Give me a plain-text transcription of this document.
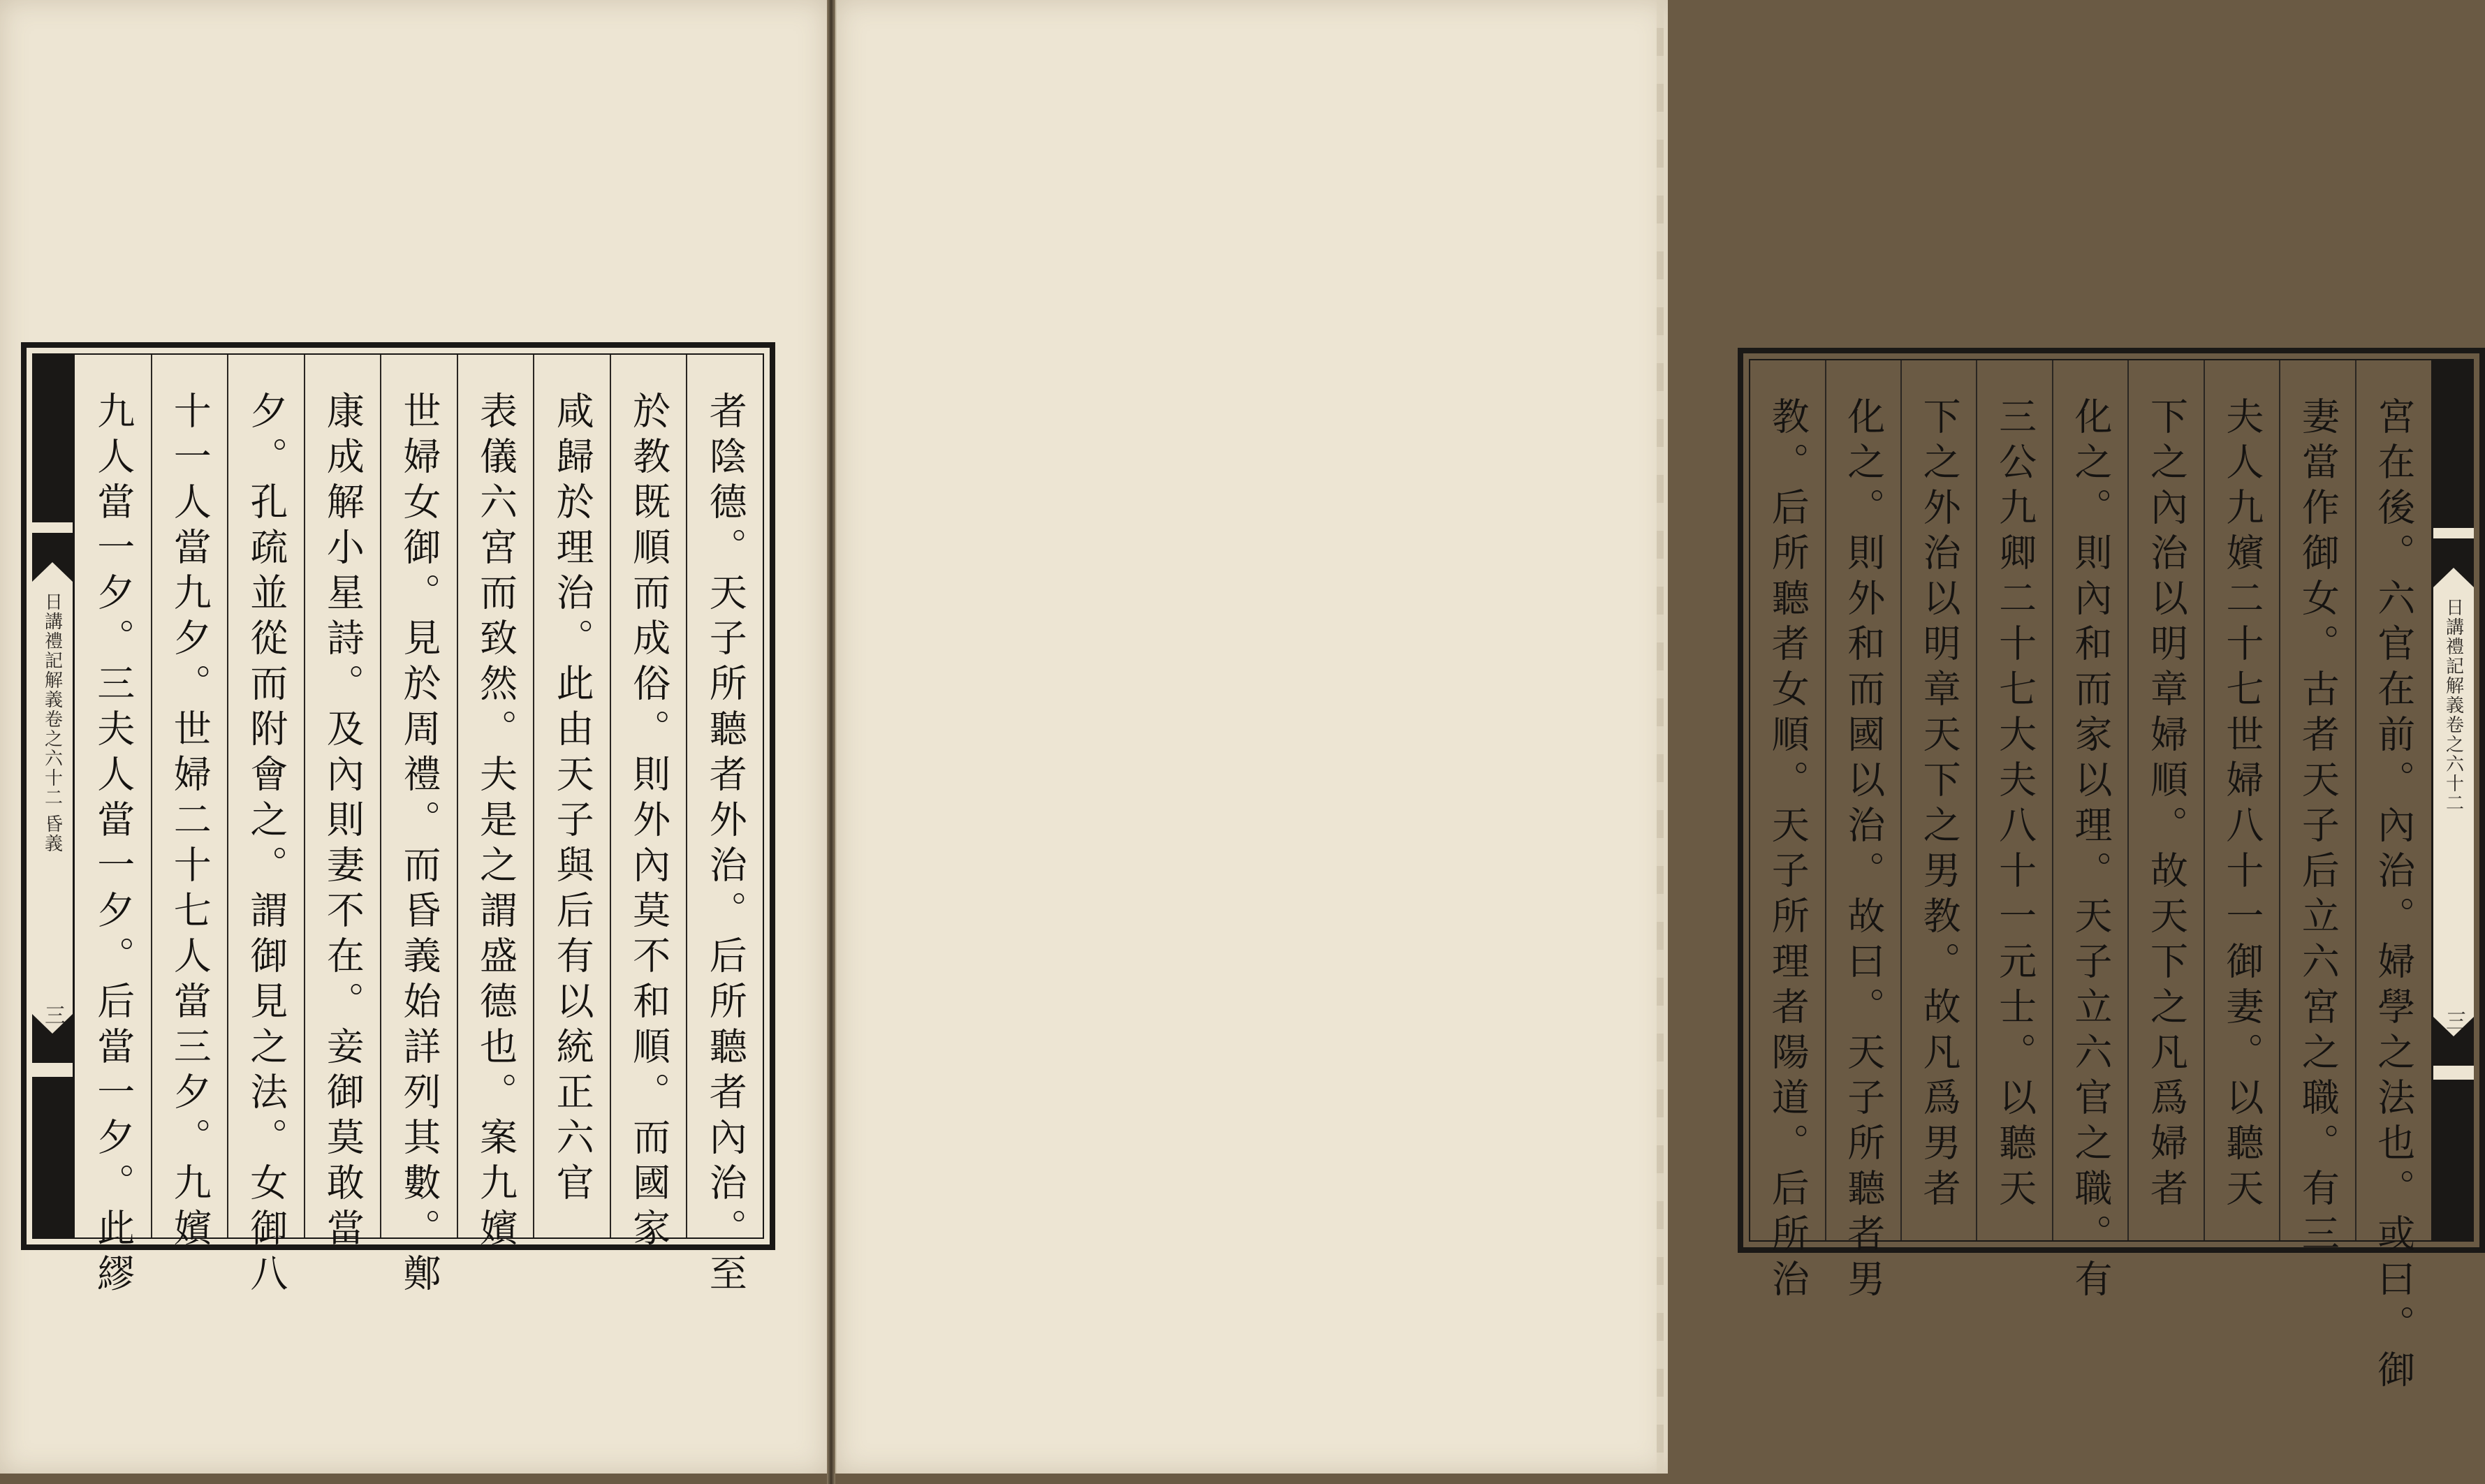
者陰德。天子所聽者外治。后所聽者內治。至
於教既順而成俗。則外內莫不和順。而國家
咸歸於理治。此由天子與后有以統正六官
表儀六宮而致然。夫是之謂盛德也。案九嬪
世婦女御。見於周禮。而昏義始詳列其數。鄭
康成解小星詩。及內則妻不在。妾御莫敢當
夕。孔疏並從而附會之。謂御見之法。女御八
十一人當九夕。世婦二十七人當三夕。九嬪
九人當一夕。三夫人當一夕。后當一夕。此繆
日講禮記解義卷之六十二 昏義
三	宮在後。六官在前。內治。婦學之法也。或曰。御
妻當作御女。古者天子后立六宮之職。有三
夫人九嬪二十七世婦八十一御妻。以聽天
下之內治以明章婦順。故天下之凡爲婦者
化之。則內和而家以理。天子立六官之職。有
三公九卿二十七大夫八十一元士。以聽天
下之外治以明章天下之男教。故凡爲男者
化之。則外和而國以治。故曰。天子所聽者男
教。后所聽者女順。天子所理者陽道。后所治	日講禮記解義卷之六十二
三
